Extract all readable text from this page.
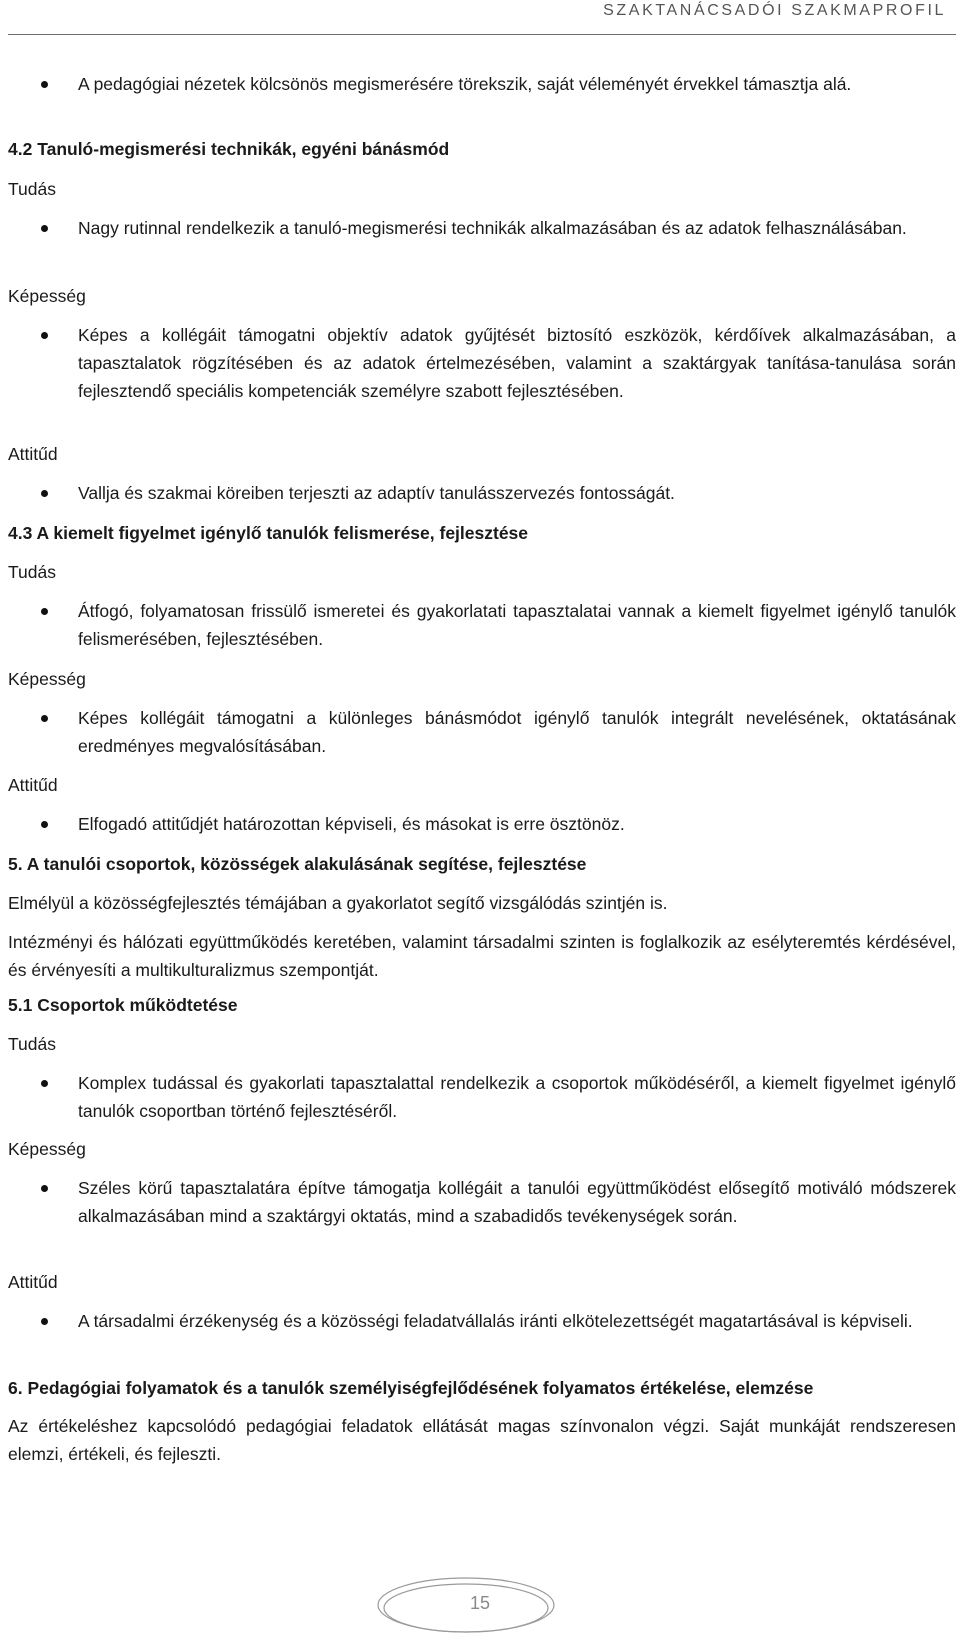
SZAKTANÁCSADÓI SZAKMAPROFIL
A pedagógiai nézetek kölcsönös megismerésére törekszik, saját véleményét érvekkel támasztja alá.
4.2 Tanuló-megismerési technikák, egyéni bánásmód
Tudás
Nagy rutinnal rendelkezik a tanuló-megismerési technikák alkalmazásában és az adatok felhasználásában.
Képesség
Képes a kollégáit támogatni objektív adatok gyűjtését biztosító eszközök, kérdőívek alkalmazásában, a tapasztalatok rögzítésében és az adatok értelmezésében, valamint a szaktárgyak tanítása-tanulása során fejlesztendő speciális kompetenciák személyre szabott fejlesztésében.
Attitűd
Vallja és szakmai köreiben terjeszti az adaptív tanulásszervezés fontosságát.
4.3 A kiemelt figyelmet igénylő tanulók felismerése, fejlesztése
Tudás
Átfogó, folyamatosan frissülő ismeretei és gyakorlatati tapasztalatai vannak a kiemelt figyelmet igénylő tanulók felismerésében, fejlesztésében.
Képesség
Képes kollégáit támogatni a különleges bánásmódot igénylő tanulók integrált nevelésének, oktatásának eredményes megvalósításában.
Attitűd
Elfogadó attitűdjét határozottan képviseli, és másokat is erre ösztönöz.
5. A tanulói csoportok, közösségek alakulásának segítése, fejlesztése
Elmélyül a közösségfejlesztés témájában a gyakorlatot segítő vizsgálódás szintjén is.
Intézményi és hálózati együttműködés keretében, valamint társadalmi szinten is foglalkozik az esélyteremtés kérdésével, és érvényesíti a multikulturalizmus szempontját.
5.1 Csoportok működtetése
Tudás
Komplex tudással és gyakorlati tapasztalattal rendelkezik a csoportok működéséről, a kiemelt figyelmet igénylő tanulók csoportban történő fejlesztéséről.
Képesség
Széles körű tapasztalatára építve támogatja kollégáit a tanulói együttműködést elősegítő motiváló módszerek alkalmazásában mind a szaktárgyi oktatás, mind a szabadidős tevékenységek során.
Attitűd
A társadalmi érzékenység és a közösségi feladatvállalás iránti elkötelezettségét magatartásával is képviseli.
6. Pedagógiai folyamatok és a tanulók személyiségfejlődésének folyamatos értékelése, elemzése
Az értékeléshez kapcsolódó pedagógiai feladatok ellátását magas színvonalon végzi. Saját munkáját rendszeresen elemzi, értékeli, és fejleszti.
15
